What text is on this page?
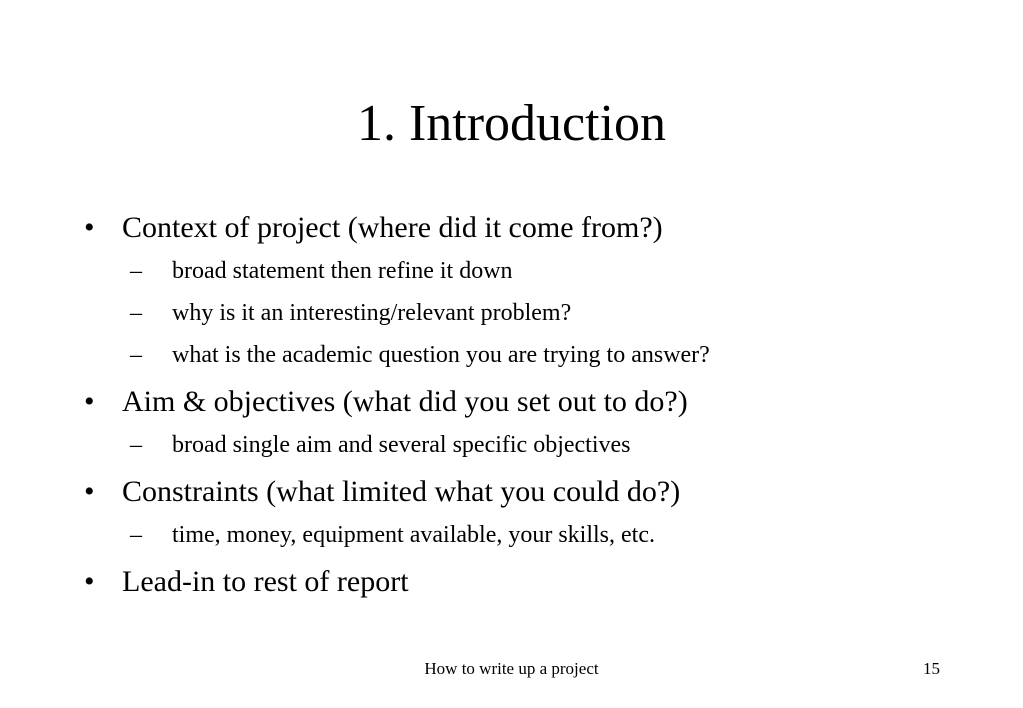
1. Introduction
• Context of project (where did it come from?)
– broad statement then refine it down
– why is it an interesting/relevant problem?
– what is the academic question you are trying to answer?
• Aim & objectives (what did you set out to do?)
– broad single aim and several specific objectives
• Constraints (what limited what you could do?)
– time, money, equipment available, your skills, etc.
• Lead-in to rest of report
How to write up a project	15
